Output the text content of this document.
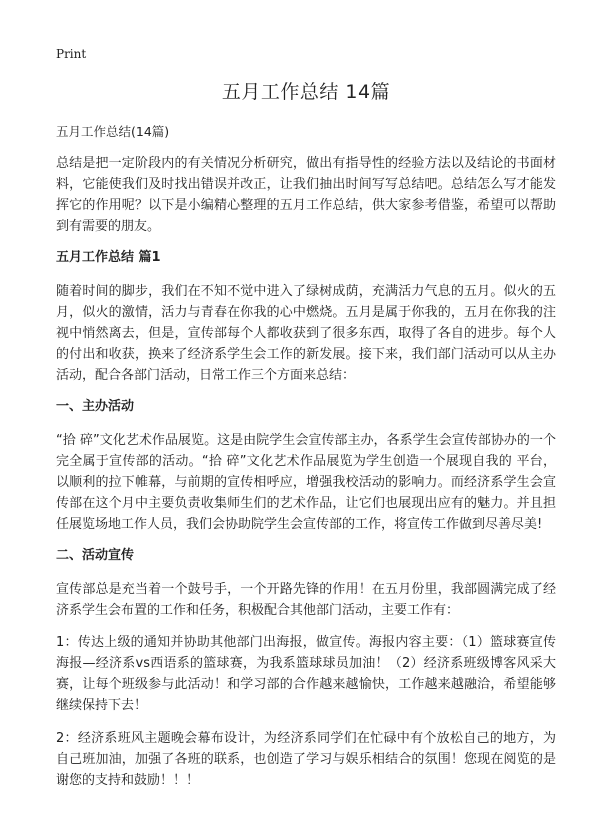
Print
五月工作总结 14篇
五月工作总结(14篇)

总结是把一定阶段内的有关情况分析研究，做出有指导性的经验方法以及结论的书面材料，它能使我们及时找出错误并改正，让我们抽出时间写写总结吧。总结怎么写才能发挥它的作用呢？以下是小编精心整理的五月工作总结，供大家参考借鉴，希望可以帮助到有需要的朋友。

五月工作总结 篇1

随着时间的脚步，我们在不知不觉中进入了绿树成荫，充满活力气息的五月。似火的五月，似火的激情，活力与青春在你我的心中燃烧。五月是属于你我的，五月在你我的注视中悄然离去，但是，宣传部每个人都收获到了很多东西，取得了各自的进步。每个人的付出和收获，换来了经济系学生会工作的新发展。接下来，我们部门活动可以从主办活动，配合各部门活动，日常工作三个方面来总结：

一、主办活动

“拾 碎”文化艺术作品展览。这是由院学生会宣传部主办，各系学生会宣传部协办的一个完全属于宣传部的活动。“拾 碎”文化艺术作品展览为学生创造一个展现自我的 平台，以顺利的拉下帷幕，与前期的宣传相呼应，增强我校活动的影响力。而经济系学生会宣传部在这个月中主要负责收集师生们的艺术作品，让它们也展现出应有的魅力。并且担任展览场地工作人员，我们会协助院学生会宣传部的工作，将宣传工作做到尽善尽美!

二、活动宣传

宣传部总是充当着一个鼓号手，一个开路先锋的作用！在五月份里，我部圆满完成了经济系学生会布置的工作和任务，积极配合其他部门活动，主要工作有：

1：传达上级的通知并协助其他部门出海报，做宣传。海报内容主要：（1）篮球赛宣传海报—经济系vs西语系的篮球赛，为我系篮球球员加油！（2）经济系班级博客风采大赛，让每个班级参与此活动！和学习部的合作越来越愉快，工作越来越融洽，希望能够继续保持下去！
2：经济系班风主题晚会幕布设计，为经济系同学们在忙碌中有个放松自己的地方，为自己班加油，加强了各班的联系，也创造了学习与娱乐相结合的氛围！您现在阅览的是谢您的支持和鼓励！！！
